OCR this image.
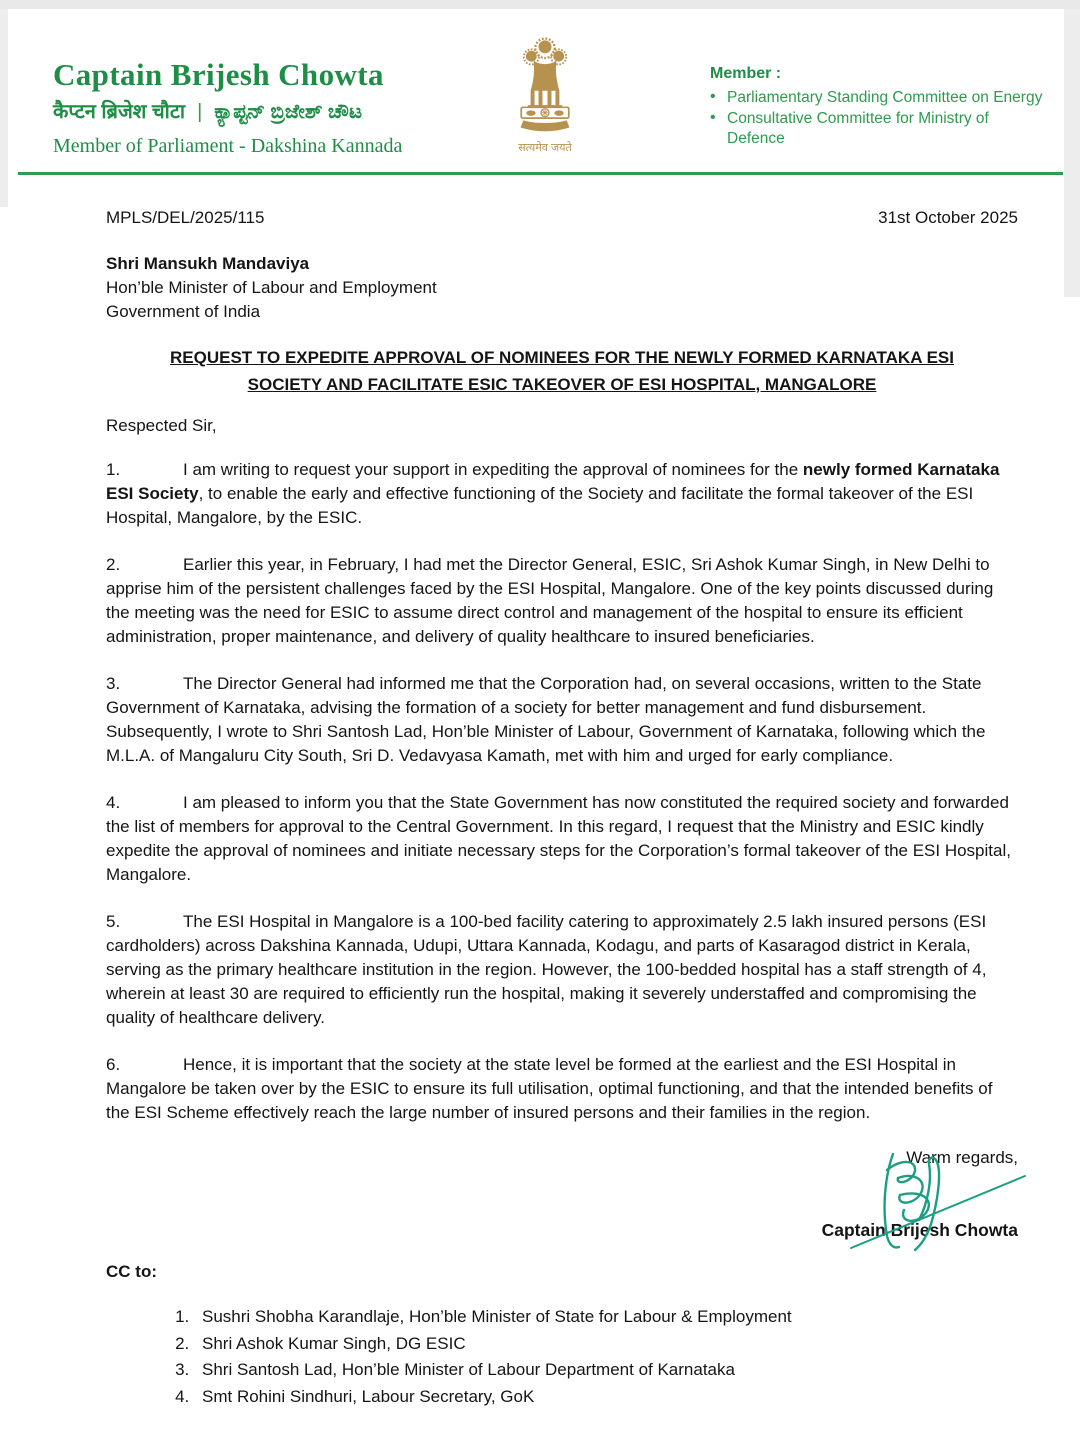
Captain Brijesh Chowta
कैप्टन ब्रिजेश चौटा | ಕ್ಯಾಪ್ಟನ್ ಬ್ರಿಜೇಶ್ ಚೌಟ
Member of Parliament - Dakshina Kannada	सत्यमेव जयते
Member :
• Parliamentary Standing Committee on Energy
• Consultative Committee for Ministry of Defence
MPLS/DEL/2025/115	31st October 2025
Shri Mansukh Mandaviya
Hon’ble Minister of Labour and Employment
Government of India
REQUEST TO EXPEDITE APPROVAL OF NOMINEES FOR THE NEWLY FORMED KARNATAKA ESI
SOCIETY AND FACILITATE ESIC TAKEOVER OF ESI HOSPITAL, MANGALORE
Respected Sir,
1.	I am writing to request your support in expediting the approval of nominees for the newly formed Karnataka ESI Society, to enable the early and effective functioning of the Society and facilitate the formal takeover of the ESI Hospital, Mangalore, by the ESIC.
2.	Earlier this year, in February, I had met the Director General, ESIC, Sri Ashok Kumar Singh, in New Delhi to apprise him of the persistent challenges faced by the ESI Hospital, Mangalore. One of the key points discussed during the meeting was the need for ESIC to assume direct control and management of the hospital to ensure its efficient administration, proper maintenance, and delivery of quality healthcare to insured beneficiaries.
3.	The Director General had informed me that the Corporation had, on several occasions, written to the State Government of Karnataka, advising the formation of a society for better management and fund disbursement. Subsequently, I wrote to Shri Santosh Lad, Hon’ble Minister of Labour, Government of Karnataka, following which the M.L.A. of Mangaluru City South, Sri D. Vedavyasa Kamath, met with him and urged for early compliance.
4.	I am pleased to inform you that the State Government has now constituted the required society and forwarded the list of members for approval to the Central Government. In this regard, I request that the Ministry and ESIC kindly expedite the approval of nominees and initiate necessary steps for the Corporation’s formal takeover of the ESI Hospital, Mangalore.
5.	The ESI Hospital in Mangalore is a 100-bed facility catering to approximately 2.5 lakh insured persons (ESI cardholders) across Dakshina Kannada, Udupi, Uttara Kannada, Kodagu, and parts of Kasaragod district in Kerala, serving as the primary healthcare institution in the region. However, the 100-bedded hospital has a staff strength of 4, wherein at least 30 are required to efficiently run the hospital, making it severely understaffed and compromising the quality of healthcare delivery.
6.	Hence, it is important that the society at the state level be formed at the earliest and the ESI Hospital in Mangalore be taken over by the ESIC to ensure its full utilisation, optimal functioning, and that the intended benefits of the ESI Scheme effectively reach the large number of insured persons and their families in the region.
Warm regards,
Captain Brijesh Chowta
CC to:
1. Sushri Shobha Karandlaje, Hon’ble Minister of State for Labour & Employment
2. Shri Ashok Kumar Singh, DG ESIC
3. Shri Santosh Lad, Hon’ble Minister of Labour Department of Karnataka
4. Smt Rohini Sindhuri, Labour Secretary, GoK
